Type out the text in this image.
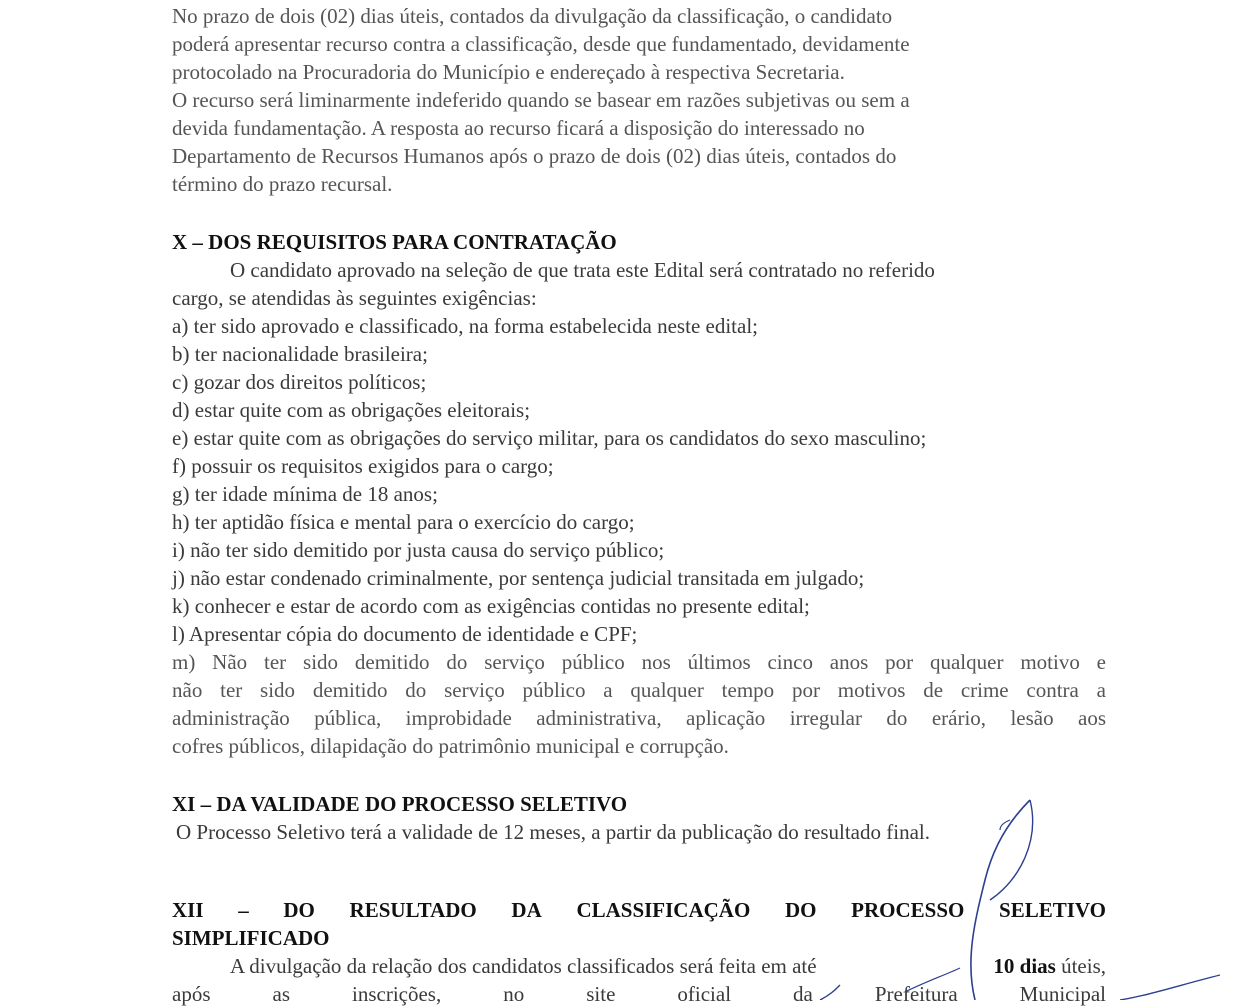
No prazo de dois (02) dias úteis, contados da divulgação da classificação, o candidato

poderá apresentar recurso contra a classificação, desde que fundamentado, devidamente

protocolado na Procuradoria do Município e endereçado à respectiva Secretaria.

O recurso será liminarmente indeferido quando se basear em razões subjetivas ou sem a

devida fundamentação. A resposta ao recurso ficará a disposição do interessado no

Departamento de Recursos Humanos após o prazo de dois (02) dias úteis, contados do

término do prazo recursal.

X – DOS REQUISITOS PARA CONTRATAÇÃO

O candidato aprovado na seleção de que trata este Edital será contratado no referido

cargo, se atendidas às seguintes exigências:

a) ter sido aprovado e classificado, na forma estabelecida neste edital;

b) ter nacionalidade brasileira;

c) gozar dos direitos políticos;

d) estar quite com as obrigações eleitorais;

e) estar quite com as obrigações do serviço militar, para os candidatos do sexo masculino;

f) possuir os requisitos exigidos para o cargo;

g) ter idade mínima de 18 anos;

h) ter aptidão física e mental para o exercício do cargo;

i) não ter sido demitido por justa causa do serviço público;

j) não estar condenado criminalmente, por sentença judicial transitada em julgado;

k) conhecer e estar de acordo com as exigências contidas no presente edital;

l) Apresentar cópia do documento de identidade e CPF;

m) Não ter sido demitido do serviço público nos últimos cinco anos por qualquer motivo e

não ter sido demitido do serviço público a qualquer tempo por motivos de crime contra a

administração pública, improbidade administrativa, aplicação irregular do erário, lesão aos

cofres públicos, dilapidação do patrimônio municipal e corrupção.

XI – DA VALIDADE DO PROCESSO SELETIVO

O Processo Seletivo terá a validade de 12 meses, a partir da publicação do resultado final.

XII – DO RESULTADO DA CLASSIFICAÇÃO DO PROCESSO SELETIVO

SIMPLIFICADO

A divulgação da relação dos candidatos classificados será feita em até	10 dias úteis,

após	as	inscrições,	no	site	oficial	da	Prefeitura	Municipal
